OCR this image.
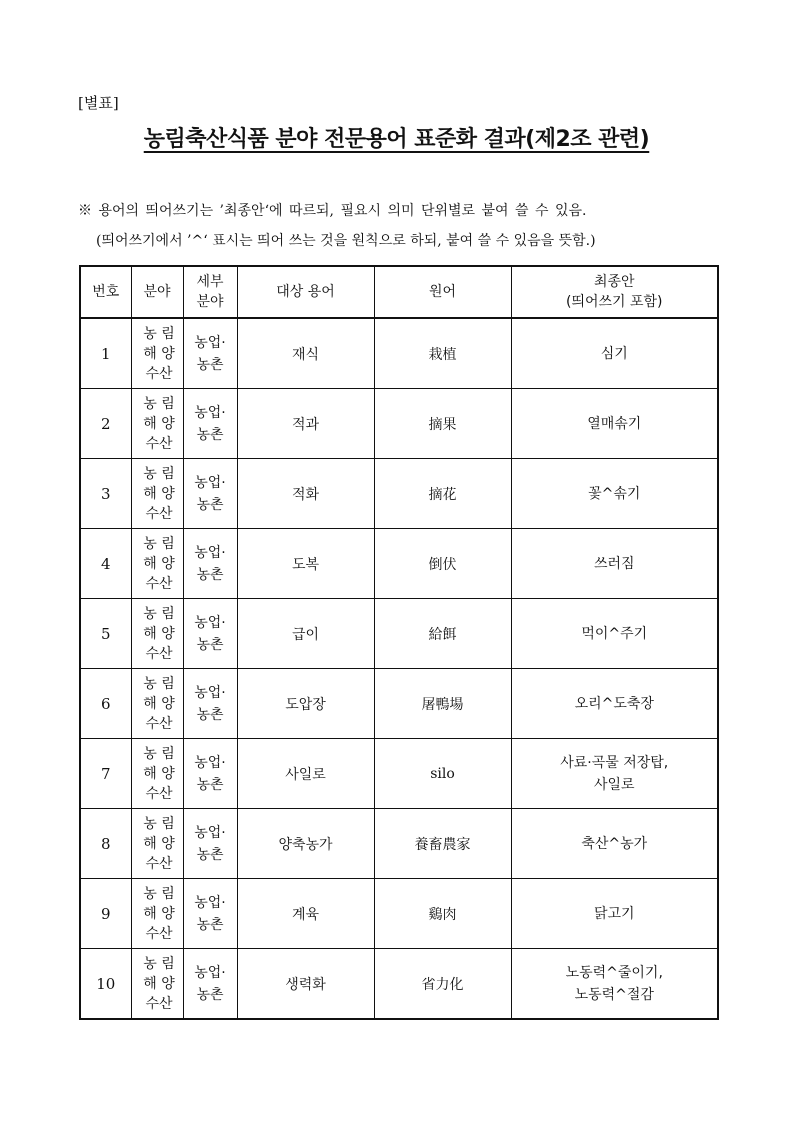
[별표]
농림축산식품 분야 전문용어 표준화 결과(제2조 관련)
※ 용어의 띄어쓰기는 ’최종안‘에 따르되, 필요시 의미 단위별로 붙여 쓸 수 있음.
(띄어쓰기에서 ’^‘ 표시는 띄어 쓰는 것을 원칙으로 하되, 붙여 쓸 수 있음을 뜻함.)
번호	분야	세부
분야	대상 용어	원어	최종안
(띄어쓰기 포함)
1	농 림
해 양
수산	농업·
농촌	재식	栽植	심기
2	농 림
해 양
수산	농업·
농촌	적과	摘果	열매솎기
3	농 림
해 양
수산	농업·
농촌	적화	摘花	꽃^솎기
4	농 림
해 양
수산	농업·
농촌	도복	倒伏	쓰러짐
5	농 림
해 양
수산	농업·
농촌	급이	給餌	먹이^주기
6	농 림
해 양
수산	농업·
농촌	도압장	屠鴨場	오리^도축장
7	농 림
해 양
수산	농업·
농촌	사일로	silo	사료·곡물 저장탑,
사일로
8	농 림
해 양
수산	농업·
농촌	양축농가	養畜農家	축산^농가
9	농 림
해 양
수산	농업·
농촌	계육	鷄肉	닭고기
10	농 림
해 양
수산	농업·
농촌	생력화	省力化	노동력^줄이기,
노동력^절감
